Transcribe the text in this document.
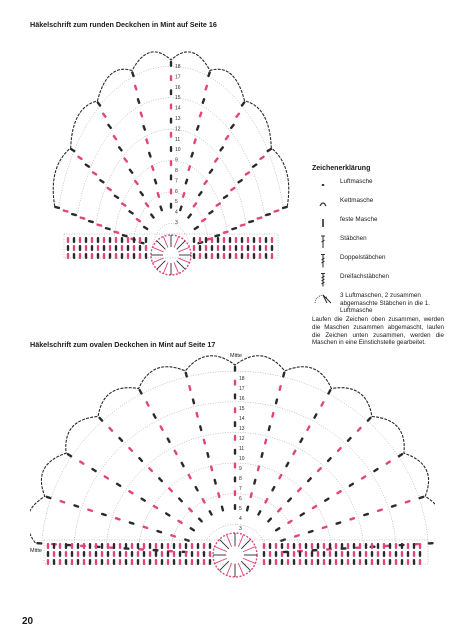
Häkelschrift zum runden Deckchen in Mint auf Seite 16
18
17
16
15
14
13
12
11
10
9
8
7
6
5
4
3
Zeichenerklärung
Luftmasche
Kettmasche
feste Masche
Stäbchen
Doppelstäbchen
Dreifachstäbchen
3 Luftmaschen, 2 zusammen abgemaschte Stäbchen in die 1. Luftmasche
Laufen die Zeichen oben zusammen, werden die Maschen zusammen abgemascht, laufen die Zeichen unten zusammen, werden die Maschen in eine Einstichstelle gearbeitet.
Häkelschrift zum ovalen Deckchen in Mint auf Seite 17
Mitte
Mitte
18
17
16
15
14
13
12
11
10
9
8
7
6
5
4
3
20
